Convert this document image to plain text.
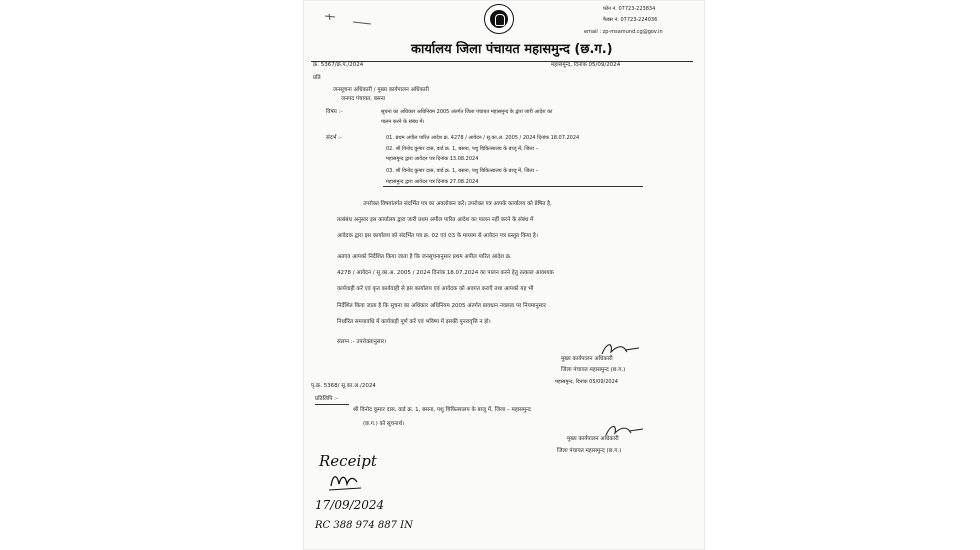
फोन नं. 07723-223834
फैक्स नं. 07723-224036
email : zp-msamund.cg@gov.in
कार्यालय जिला पंचायत महासमुन्द (छ.ग.)
क्र. 5367/क्र.प./2024	महासमुन्द, दिनांक 05/09/2024
प्रति
जनसूचना अधिकारी / मुख्य कार्यपालन अधिकारी
जनपद पंचायत, बसना
विषय :-	सूचना का अधिकार अधिनियम 2005 अंतर्गत जिला पंचायत महासमुन्द के द्वारा जारी आदेश का
पालन करने के संबंध में।
संदर्भ :-	01. प्रथम अपील पारित आदेश क्र. 4278 / आवेदन / सू.का.अ. 2005 / 2024 दिनांक 18.07.2024
02. श्री विनोद कुमार दास, वार्ड क्र. 1, बसना, पशु चिकित्सालय के बाजू में, जिला –
महासमुन्द द्वारा आवेदन पत्र दिनांक 13.08.2024
03. श्री विनोद कुमार दास, वार्ड क्र. 1, बसना, पशु चिकित्सालय के बाजू में, जिला –
महासमुन्द द्वारा आवेदन पत्र दिनांक 27.08.2024
उपरोक्त विषयांतर्गत संदर्भित पत्र का अवलोकन करें। उपरोक्त पत्र आपके कार्यालय को प्रेषित है,
तत्संबंध अनुसार इस कार्यालय द्वारा जारी प्रथम अपील पारित आदेश का पालन नहीं करने के संबंध में
आवेदक द्वारा इस कार्यालय को संदर्भित पत्र क्र. 02 एवं 03 के माध्यम से आवेदन पत्र प्रस्तुत किया है।
अतएव आपको निर्देशित किया जाता है कि जनसूचनानुसार प्रथम अपील पारित आदेश क्र.
4278 / आवेदन / सू.का.अ. 2005 / 2024 दिनांक 18.07.2024 का पालन करने हेतु तत्काल आवश्यक
कार्यवाही करें एवं कृत कार्यवाही से इस कार्यालय एवं आवेदक को अवगत कराएँ तथा आपको यह भी
निर्देशित किया जाता है कि सूचना का अधिकार अधिनियम 2005 अंतर्गत प्रावधान नवलता पर नियमानुसार
निर्धारित समयावधि में कार्यवाही पूर्ण करें एवं भविष्य में इसकी पुनरावृत्ति न हो।
संलग्न :- उपरोक्तानुसार।
मुख्य कार्यपालन अधिकारी
जिला पंचायत महासमुन्द (छ.ग.)
महासमुन्द, दिनांक 05/09/2024
पृ.क्र. 5368/ सू.का.अ./2024
प्रतिलिपि :-
श्री विनोद कुमार दास, वार्ड क्र. 1, बसना, पशु चिकित्सालय के बाजू में, जिला – महासमुन्द
(छ.ग.) को सूचनार्थ।
मुख्य कार्यपालन अधिकारी
जिला पंचायत महासमुन्द (छ.ग.)
Receipt
17/09/2024
RC 388 974 887 IN
